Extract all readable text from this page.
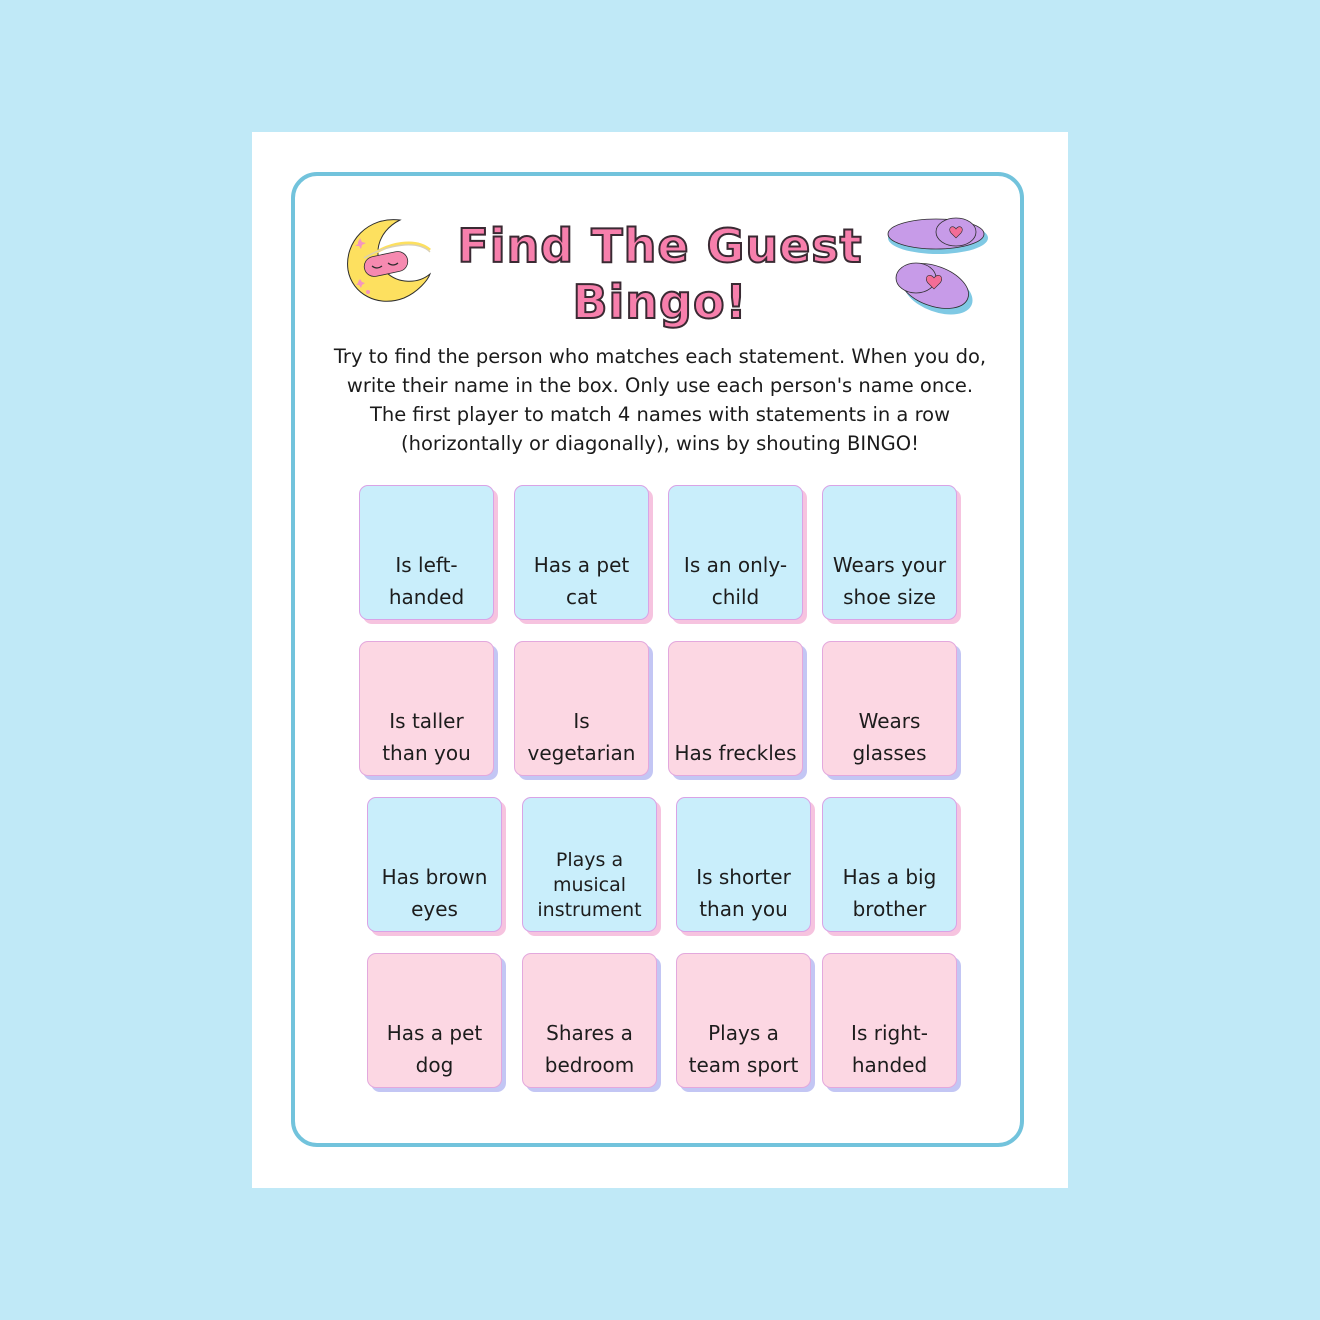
Find The Guest
Bingo!

Try to find the person who matches each statement. When you do, write their name in the box. Only use each person's name once. The first player to match 4 names with statements in a row (horizontally or diagonally), wins by shouting BINGO!

Is left-handed
Has a pet cat
Is an only-child
Wears your shoe size
Is taller than you
Is vegetarian	Has freckles
Wears glasses
Has brown eyes
Plays a musical instrument
Is shorter than you
Has a big brother
Has a pet dog
Shares a bedroom
Plays a team sport
Is right-handed
